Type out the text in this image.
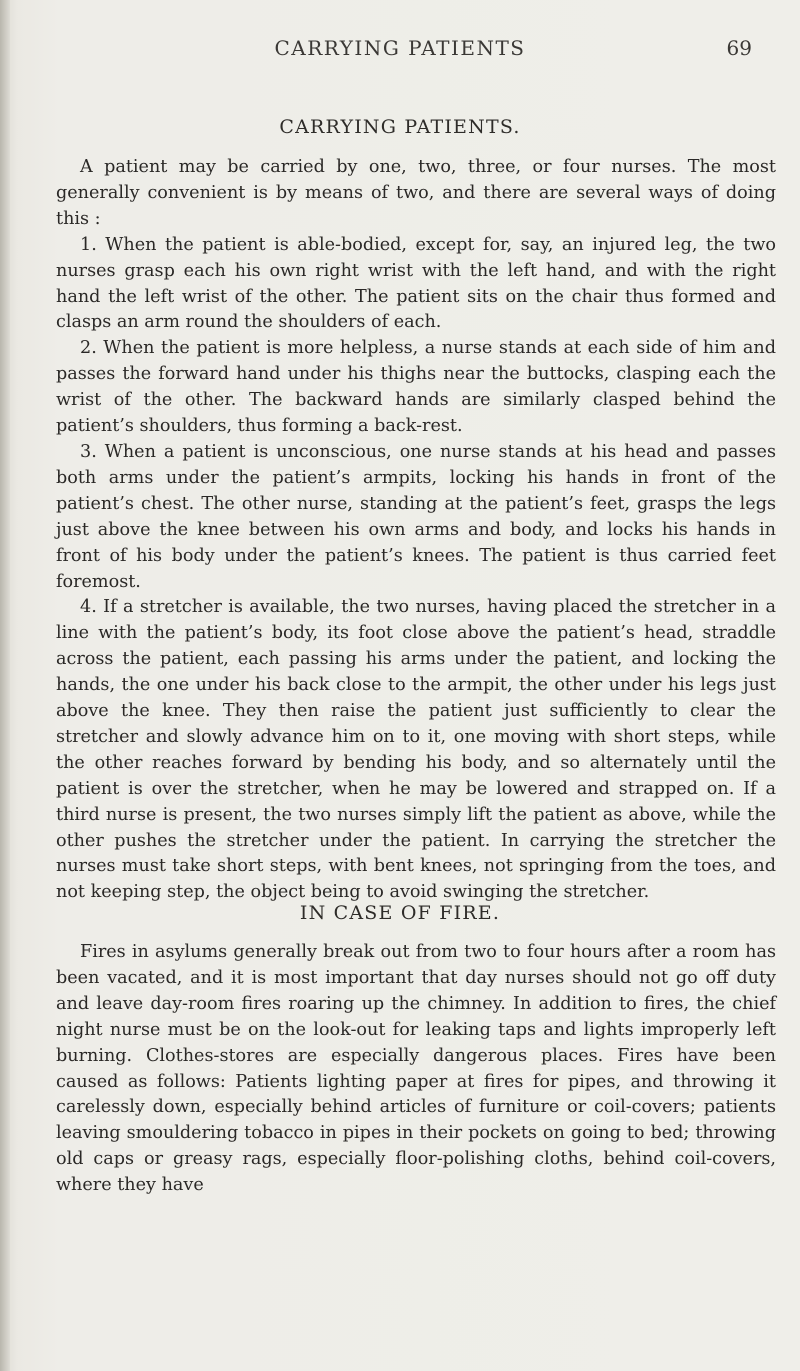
CARRYING PATIENTS	69
CARRYING PATIENTS.

A patient may be carried by one, two, three, or four nurses. The most generally convenient is by means of two, and there are several ways of doing this :

1. When the patient is able-bodied, except for, say, an injured leg, the two nurses grasp each his own right wrist with the left hand, and with the right hand the left wrist of the other. The patient sits on the chair thus formed and clasps an arm round the shoulders of each.

2. When the patient is more helpless, a nurse stands at each side of him and passes the forward hand under his thighs near the buttocks, clasping each the wrist of the other. The backward hands are similarly clasped behind the patient’s shoulders, thus forming a back-rest.

3. When a patient is unconscious, one nurse stands at his head and passes both arms under the patient’s armpits, locking his hands in front of the patient’s chest. The other nurse, standing at the patient’s feet, grasps the legs just above the knee between his own arms and body, and locks his hands in front of his body under the patient’s knees. The patient is thus carried feet foremost.

4. If a stretcher is available, the two nurses, having placed the stretcher in a line with the patient’s body, its foot close above the patient’s head, straddle across the patient, each passing his arms under the patient, and locking the hands, the one under his back close to the armpit, the other under his legs just above the knee. They then raise the patient just sufficiently to clear the stretcher and slowly advance him on to it, one moving with short steps, while the other reaches forward by bending his body, and so alternately until the patient is over the stretcher, when he may be lowered and strapped on. If a third nurse is present, the two nurses simply lift the patient as above, while the other pushes the stretcher under the patient. In carrying the stretcher the nurses must take short steps, with bent knees, not springing from the toes, and not keeping step, the object being to avoid swinging the stretcher.

IN CASE OF FIRE.

Fires in asylums generally break out from two to four hours after a room has been vacated, and it is most important that day nurses should not go off duty and leave day-room fires roaring up the chimney. In addition to fires, the chief night nurse must be on the look-out for leaking taps and lights improperly left burning. Clothes-stores are especially dangerous places. Fires have been caused as follows: Patients lighting paper at fires for pipes, and throwing it carelessly down, especially behind articles of furniture or coil-covers; patients leaving smouldering tobacco in pipes in their pockets on going to bed; throwing old caps or greasy rags, especially floor-polishing cloths, behind coil-covers, where they have
